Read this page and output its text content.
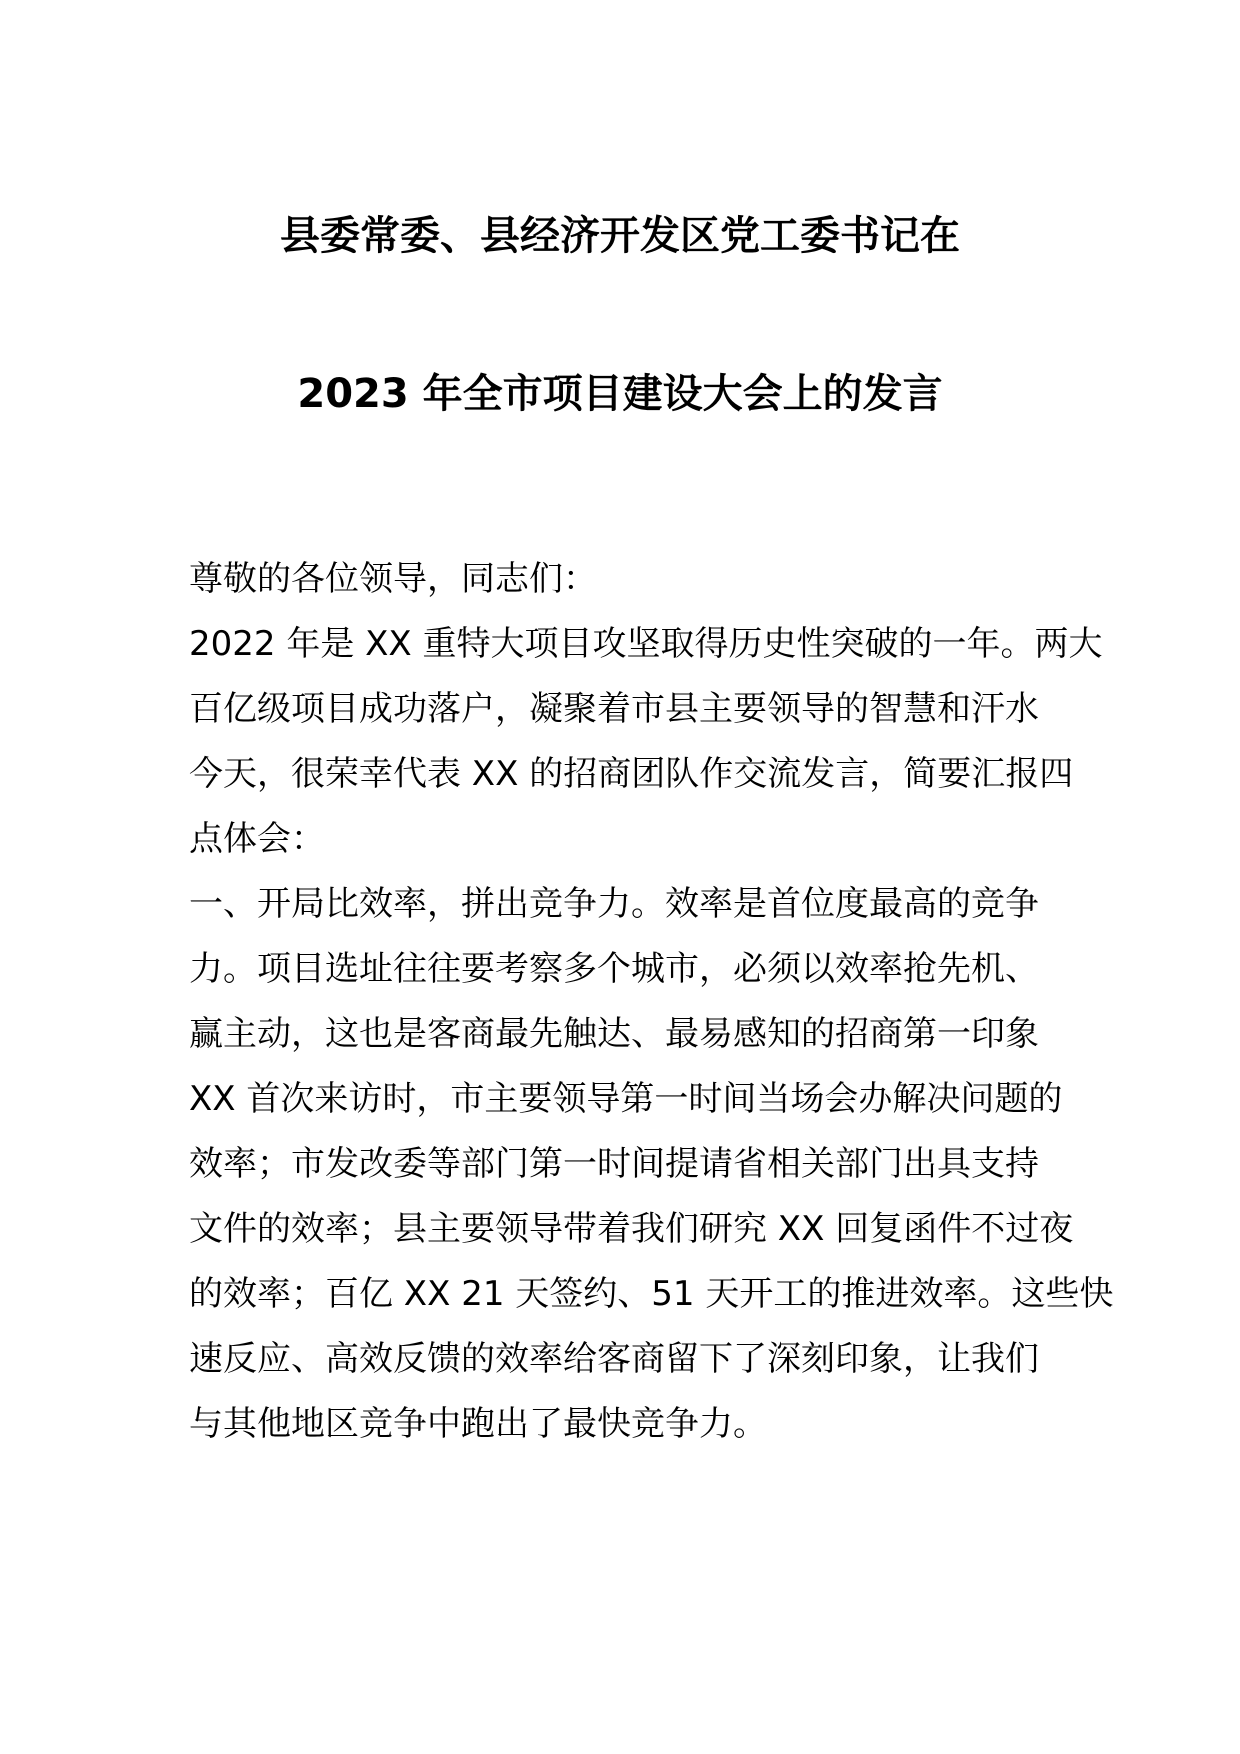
县委常委、县经济开发区党工委书记在
2023 年全市项目建设大会上的发言
尊敬的各位领导，同志们：
2022 年是 XX 重特大项目攻坚取得历史性突破的一年。两大
百亿级项目成功落户，凝聚着市县主要领导的智慧和汗水
今天，很荣幸代表 XX 的招商团队作交流发言，简要汇报四
点体会：
一、开局比效率，拼出竞争力。效率是首位度最高的竞争
力。项目选址往往要考察多个城市，必须以效率抢先机、
赢主动，这也是客商最先触达、最易感知的招商第一印象
XX 首次来访时，市主要领导第一时间当场会办解决问题的
效率；市发改委等部门第一时间提请省相关部门出具支持
文件的效率；县主要领导带着我们研究 XX 回复函件不过夜
的效率；百亿 XX 21 天签约、51 天开工的推进效率。这些快
速反应、高效反馈的效率给客商留下了深刻印象，让我们
与其他地区竞争中跑出了最快竞争力。
